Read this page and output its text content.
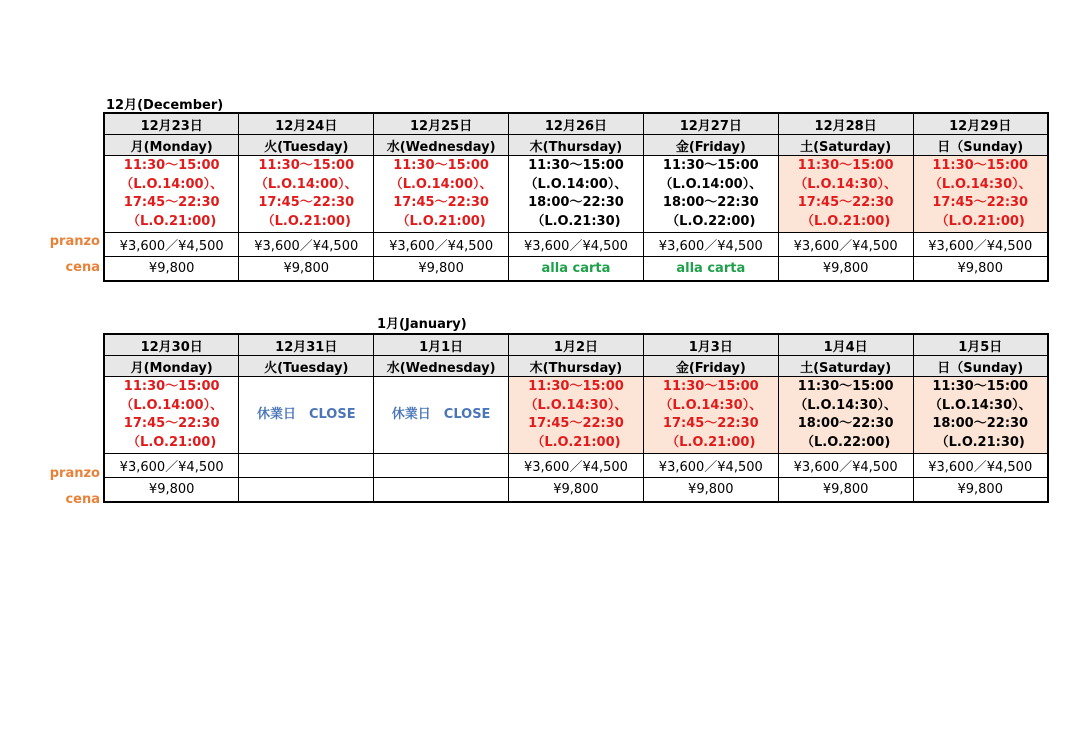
12月(December)
pranzo
cena
12月23日	12月24日	12月25日	12月26日	12月27日	12月28日	12月29日
月(Monday)	火(Tuesday)	水(Wednesday)	木(Thursday)	金(Friday)	土(Saturday)	日（Sunday)

11:30～15:00
（L.O.14:00）、
17:45～22:30
（L.O.21:00)	11:30～15:00
（L.O.14:00）、
17:45～22:30
（L.O.21:00)	11:30～15:00
（L.O.14:00）、
17:45～22:30
（L.O.21:00)	11:30～15:00
（L.O.14:00）、
18:00～22:30
（L.O.21:30)	11:30～15:00
（L.O.14:00）、
18:00～22:30
（L.O.22:00)	11:30～15:00
（L.O.14:30）、
17:45～22:30
（L.O.21:00)	11:30～15:00
（L.O.14:30）、
17:45～22:30
（L.O.21:00)

¥3,600／¥4,500	¥3,600／¥4,500	¥3,600／¥4,500	¥3,600／¥4,500	¥3,600／¥4,500	¥3,600／¥4,500	¥3,600／¥4,500
¥9,800	¥9,800	¥9,800	alla carta	alla carta	¥9,800	¥9,800
1月(January)
pranzo
cena
12月30日	12月31日	1月1日	1月2日	1月3日	1月4日	1月5日
月(Monday)	火(Tuesday)	水(Wednesday)	木(Thursday)	金(Friday)	土(Saturday)	日（Sunday)

11:30～15:00
（L.O.14:00）、
17:45～22:30
（L.O.21:00)	休業日　CLOSE	休業日　CLOSE	11:30～15:00
（L.O.14:30）、
17:45～22:30
（L.O.21:00)	11:30～15:00
（L.O.14:30）、
17:45～22:30
（L.O.21:00)	11:30～15:00
（L.O.14:30）、
18:00～22:30
（L.O.22:00)	11:30～15:00
（L.O.14:30）、
18:00～22:30
（L.O.21:30)

¥3,600／¥4,500			¥3,600／¥4,500	¥3,600／¥4,500	¥3,600／¥4,500	¥3,600／¥4,500
¥9,800			¥9,800	¥9,800	¥9,800	¥9,800
